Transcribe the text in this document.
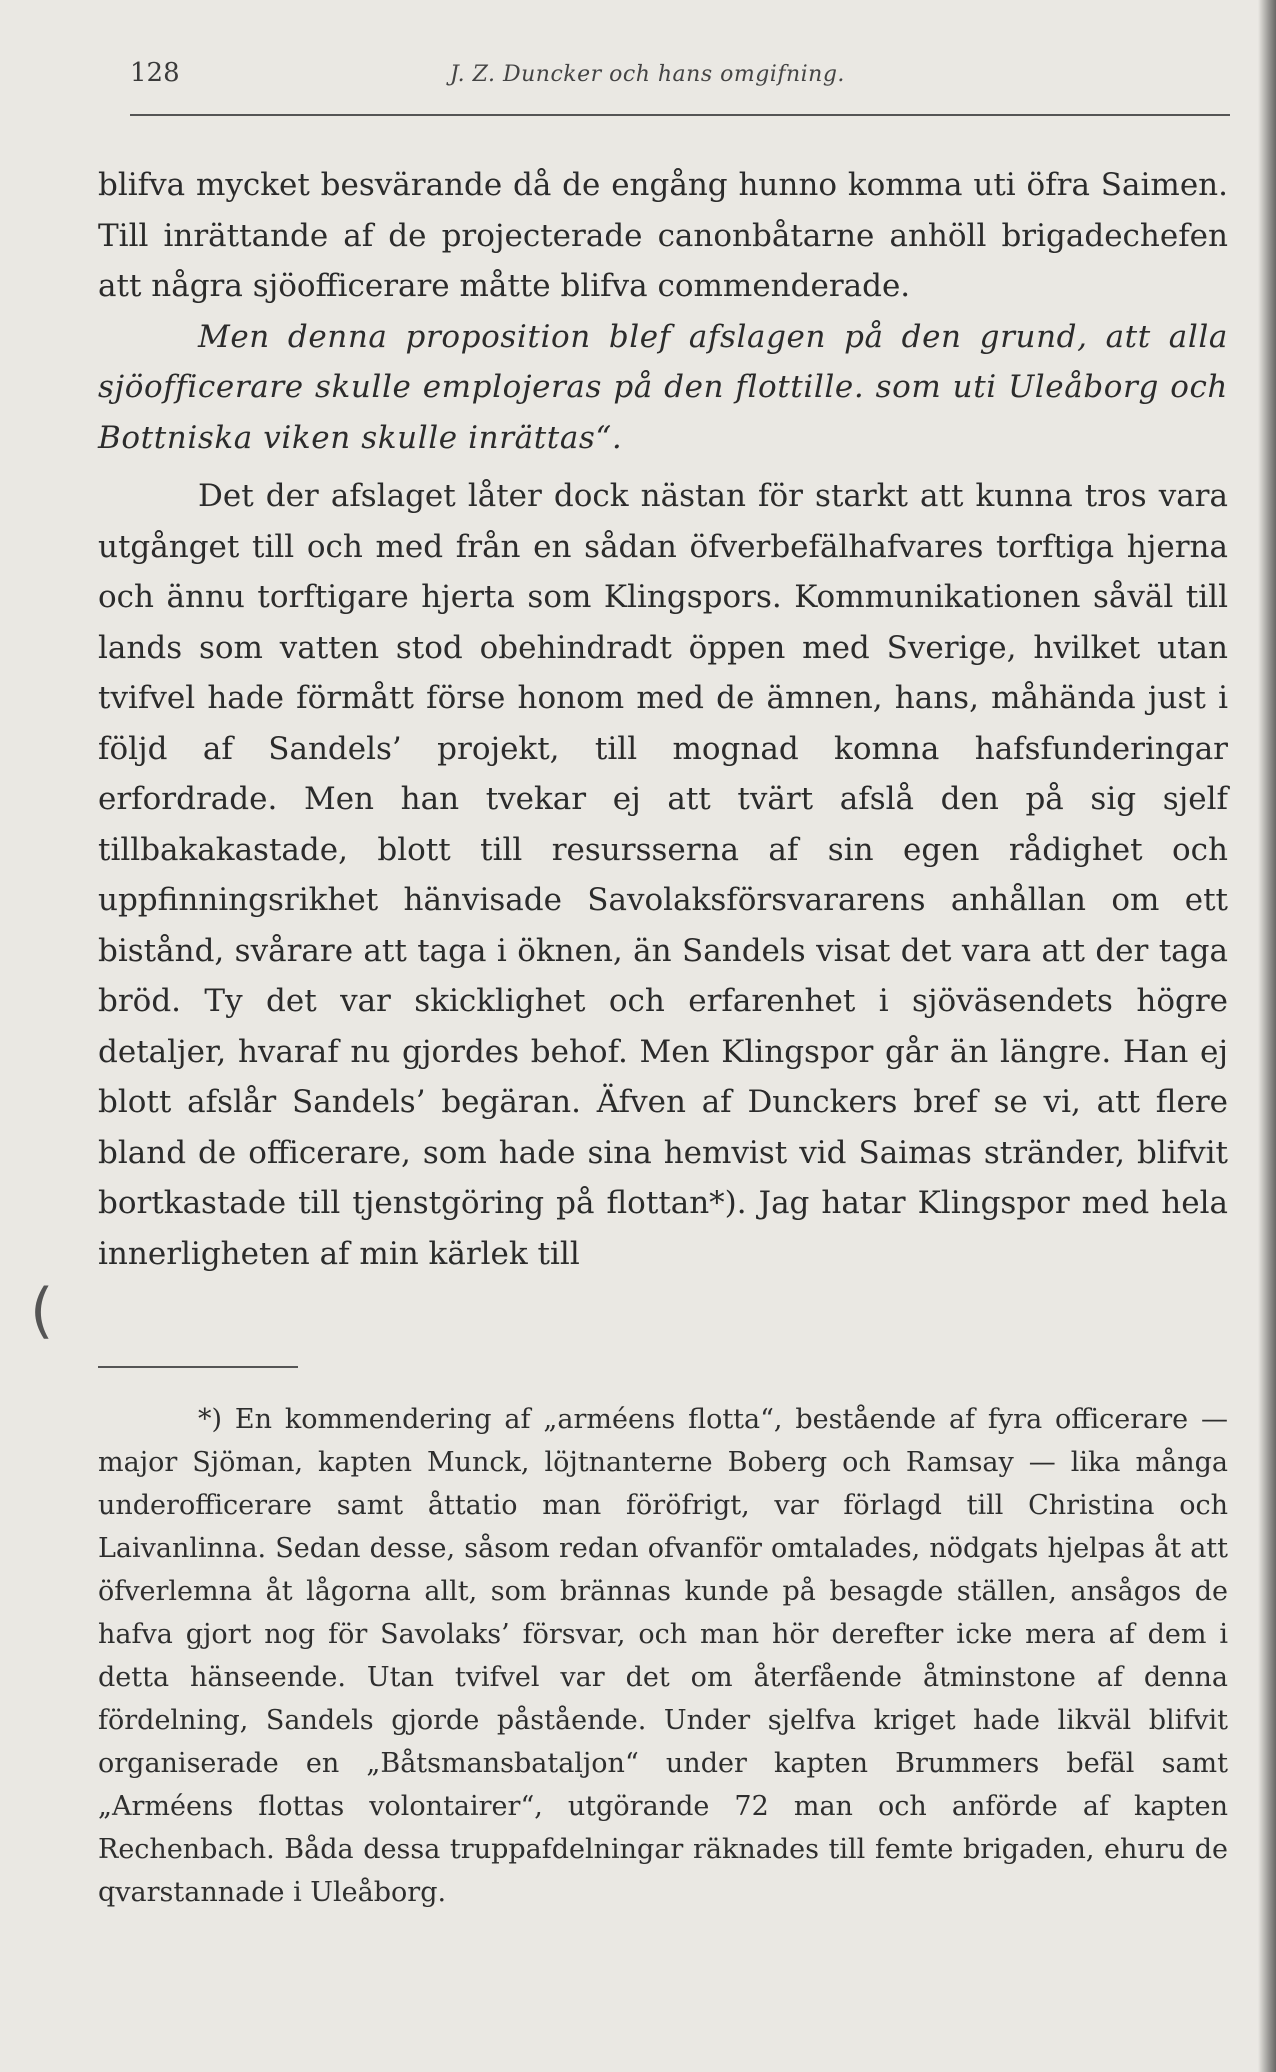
128	J. Z. Duncker och hans omgifning.

blifva mycket besvärande då de engång hunno komma uti öfra Saimen. Till inrättande af de projecterade canonbåtarne anhöll brigadechefen att några sjöofficerare måtte blifva commenderade.

Men denna proposition blef afslagen på den grund, att alla sjöofficerare skulle emplojeras på den flottille. som uti Uleåborg och Bottniska viken skulle inrättas“.

Det der afslaget låter dock nästan för starkt att kunna tros vara utgånget till och med från en sådan öfverbefälhafvares torftiga hjerna och ännu torftigare hjerta som Klingspors. Kommunikationen såväl till lands som vatten stod obehindradt öppen med Sverige, hvilket utan tvifvel hade förmått förse honom med de ämnen, hans, måhända just i följd af Sandels’ projekt, till mognad komna hafsfunderingar erfordrade. Men han tvekar ej att tvärt afslå den på sig sjelf tillbakakastade, blott till resursserna af sin egen rådighet och uppfinningsrikhet hänvisade Savolaksförsvararens anhållan om ett bistånd, svårare att taga i öknen, än Sandels visat det vara att der taga bröd. Ty det var skicklighet och erfarenhet i sjöväsendets högre detaljer, hvaraf nu gjordes behof. Men Klingspor går än längre. Han ej blott afslår Sandels’ begäran. Äfven af Dunckers bref se vi, att flere bland de officerare, som hade sina hemvist vid Saimas stränder, blifvit bortkastade till tjenstgöring på flottan*). Jag hatar Klingspor med hela innerligheten af min kärlek till

(

*) En kommendering af „arméens flotta“, bestående af fyra officerare — major Sjöman, kapten Munck, löjtnanterne Boberg och Ramsay — lika många underofficerare samt åttatio man föröfrigt, var förlagd till Christina och Laivanlinna. Sedan desse, såsom redan ofvanför omtalades, nödgats hjelpas åt att öfverlemna åt lågorna allt, som brännas kunde på besagde ställen, ansågos de hafva gjort nog för Savolaks’ försvar, och man hör derefter icke mera af dem i detta hänseende. Utan tvifvel var det om återfående åtminstone af denna fördelning, Sandels gjorde påstående. Under sjelfva kriget hade likväl blifvit organiserade en „Båtsmansbataljon“ under kapten Brummers befäl samt „Arméens flottas volontairer“, utgörande 72 man och anförde af kapten Rechenbach. Båda dessa truppafdelningar räknades till femte brigaden, ehuru de qvarstannade i Uleåborg.
